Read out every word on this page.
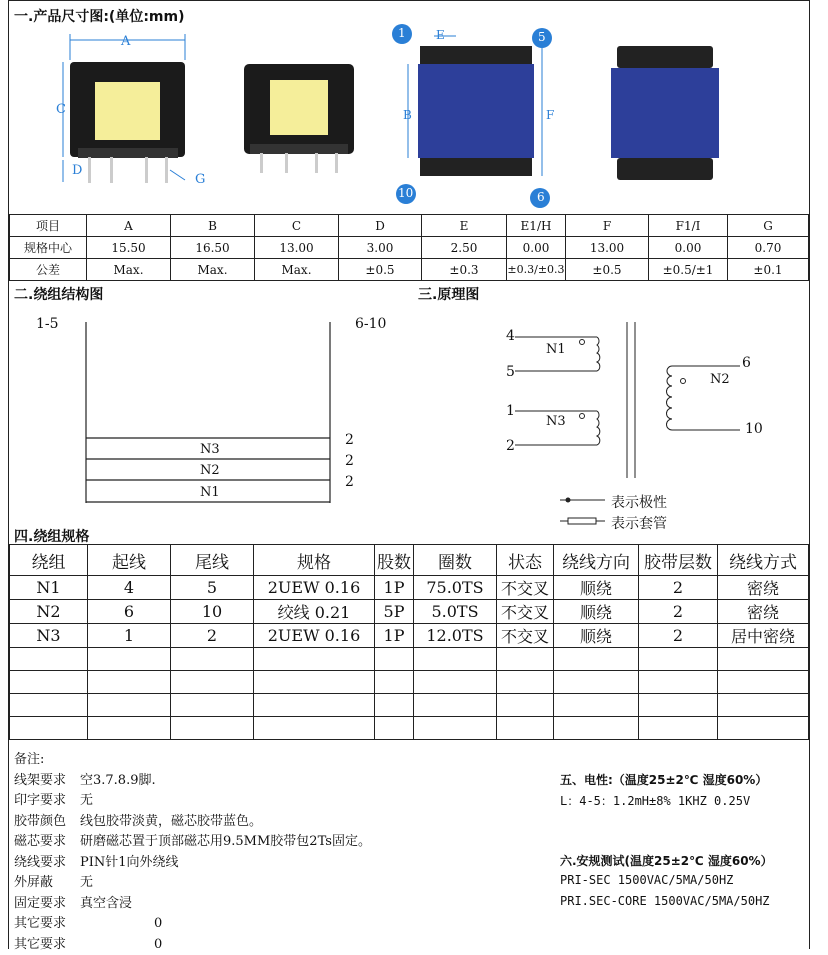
一.产品尺寸图:(单位:mm)
A
C
D
G
1	5
10	6
E
B	F
项目	A	B	C	D	E	E1/H	F	F1/I	G
规格中心	15.50	16.50	13.00	3.00	2.50	0.00	13.00	0.00	0.70
公差	Max.	Max.	Max.	±0.5	±0.3	±0.3/±0.3	±0.5	±0.5/±1	±0.1
二.绕组结构图	三.原理图
1-5	6-10
N3
N2
N1
2
2
2
4
5
N1
1
2
N3
6
10
N2
表示极性
表示套管
四.绕组规格
绕组	起线	尾线	规格	股数	圈数	状态	绕线方向	胶带层数	绕线方式
N1	4	5	2UEW 0.16	1P	75.0TS	不交叉	顺绕	2	密绕
N2	6	10	绞线 0.21	5P	5.0TS	不交叉	顺绕	2	密绕
N3	1	2	2UEW 0.16	1P	12.0TS	不交叉	顺绕	2	居中密绕

备注:
线架要求	空3.7.8.9脚.
印字要求	无
胶带颜色	线包胶带淡黄，磁芯胶带蓝色。
磁芯要求	研磨磁芯置于顶部磁芯用9.5MM胶带包2Ts固定。
绕线要求	PIN针1向外绕线
外屏蔽	无
固定要求	真空含浸
其它要求	0
其它要求	0
五、电性:（温度25±2℃ 湿度60%）
L：4-5：1.2mH±8% 1KHZ 0.25V
六.安规测试(温度25±2℃ 湿度60%）
PRI-SEC 1500VAC/5MA/50HZ
PRI.SEC-CORE 1500VAC/5MA/50HZ
